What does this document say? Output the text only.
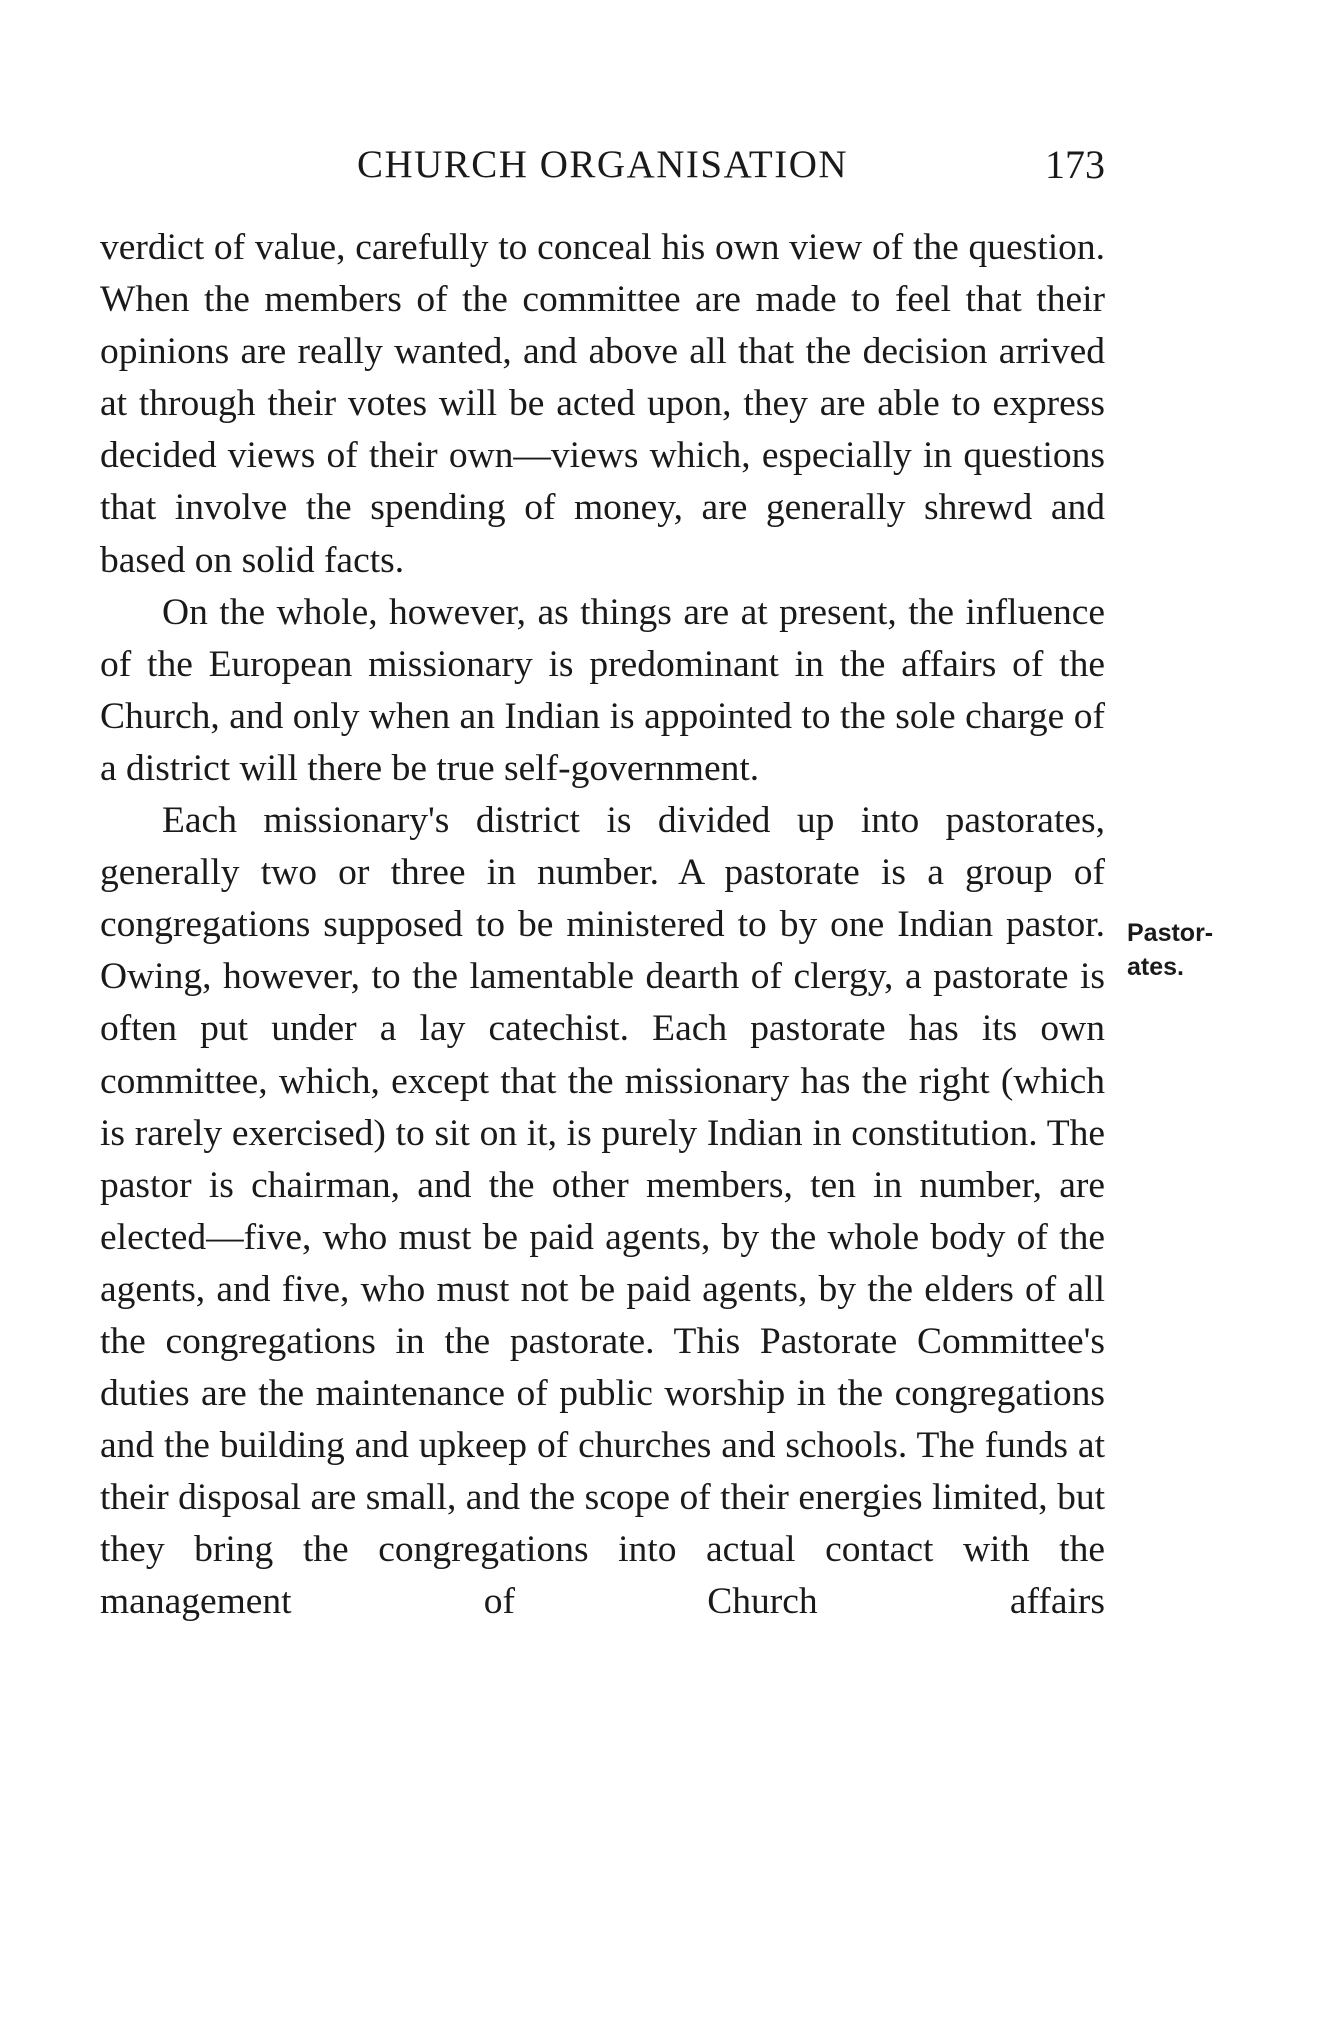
CHURCH ORGANISATION	173

verdict of value, carefully to conceal his own view of the question. When the members of the committee are made to feel that their opinions are really wanted, and above all that the decision arrived at through their votes will be acted upon, they are able to express decided views of their own—views which, especially in questions that involve the spending of money, are generally shrewd and based on solid facts.

On the whole, however, as things are at present, the influence of the European missionary is predominant in the affairs of the Church, and only when an Indian is appointed to the sole charge of a district will there be true self-government.

Each missionary's district is divided up into pastorates, generally two or three in number. A pastorate is a group of congregations supposed to be ministered to by one Indian pastor. Owing, however, to the lamentable dearth of clergy, a pastorate is often put under a lay catechist. Each pastorate has its own committee, which, except that the missionary has the right (which is rarely exercised) to sit on it, is purely Indian in constitution. The pastor is chairman, and the other members, ten in number, are elected—five, who must be paid agents, by the whole body of the agents, and five, who must not be paid agents, by the elders of all the congregations in the pastorate. This Pastorate Committee's duties are the maintenance of public worship in the congregations and the building and upkeep of churches and schools. The funds at their disposal are small, and the scope of their energies limited, but they bring the congregations into actual contact with the management of Church affairs

Pastor-
ates.
